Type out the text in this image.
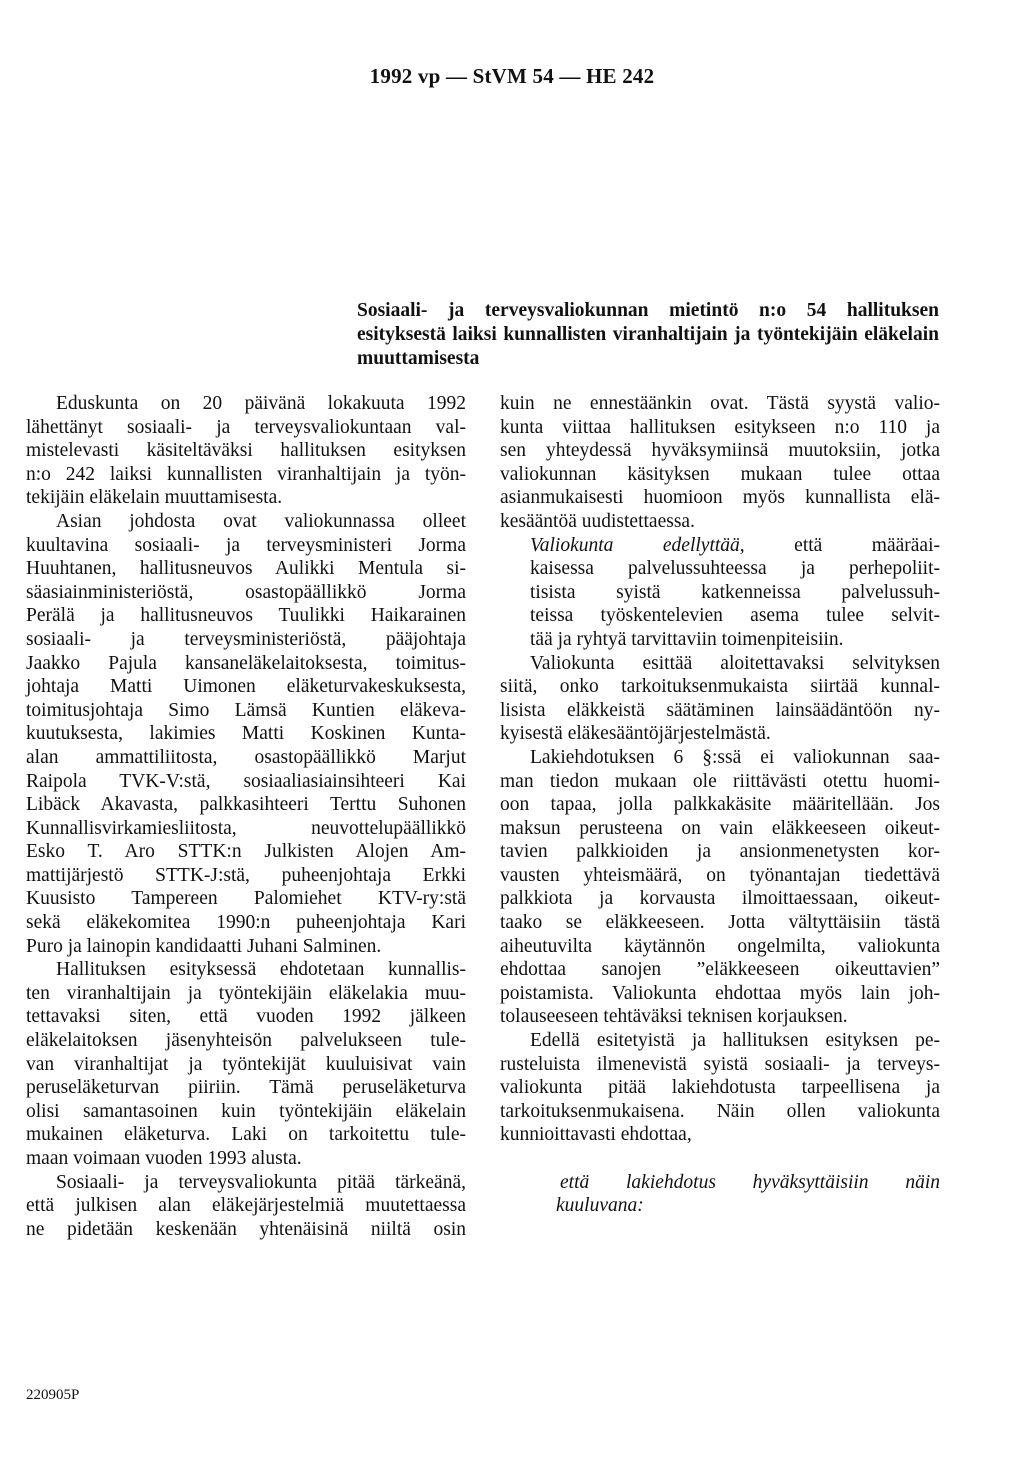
1992 vp — StVM 54 — HE 242
Sosiaali- ja terveysvaliokunnan mietintö n:o 54 hallituksen
esityksestä laiksi kunnallisten viranhaltijain ja työntekijäin eläkelain
muuttamisesta
Eduskunta on 20 päivänä lokakuuta 1992
lähettänyt sosiaali- ja terveysvaliokuntaan val-
mistelevasti käsiteltäväksi hallituksen esityksen
n:o 242 laiksi kunnallisten viranhaltijain ja työn-
tekijäin eläkelain muuttamisesta.
Asian johdosta ovat valiokunnassa olleet
kuultavina sosiaali- ja terveysministeri Jorma
Huuhtanen, hallitusneuvos Aulikki Mentula si-
säasiainministeriöstä, osastopäällikkö Jorma
Perälä ja hallitusneuvos Tuulikki Haikarainen
sosiaali- ja terveysministeriöstä, pääjohtaja
Jaakko Pajula kansaneläkelaitoksesta, toimitus-
johtaja Matti Uimonen eläketurvakeskuksesta,
toimitusjohtaja Simo Lämsä Kuntien eläkeva-
kuutuksesta, lakimies Matti Koskinen Kunta-
alan ammattiliitosta, osastopäällikkö Marjut
Raipola TVK-V:stä, sosiaaliasiainsihteeri Kai
Libäck Akavasta, palkkasihteeri Terttu Suhonen
Kunnallisvirkamiesliitosta, neuvottelupäällikkö
Esko T. Aro STTK:n Julkisten Alojen Am-
mattijärjestö STTK-J:stä, puheenjohtaja Erkki
Kuusisto Tampereen Palomiehet KTV-ry:stä
sekä eläkekomitea 1990:n puheenjohtaja Kari
Puro ja lainopin kandidaatti Juhani Salminen.
Hallituksen esityksessä ehdotetaan kunnallis-
ten viranhaltijain ja työntekijäin eläkelakia muu-
tettavaksi siten, että vuoden 1992 jälkeen
eläkelaitoksen jäsenyhteisön palvelukseen tule-
van viranhaltijat ja työntekijät kuuluisivat vain
peruseläketurvan piiriin. Tämä peruseläketurva
olisi samantasoinen kuin työntekijäin eläkelain
mukainen eläketurva. Laki on tarkoitettu tule-
maan voimaan vuoden 1993 alusta.
Sosiaali- ja terveysvaliokunta pitää tärkeänä,
että julkisen alan eläkejärjestelmiä muutettaessa
ne pidetään keskenään yhtenäisinä niiltä osin
kuin ne ennestäänkin ovat. Tästä syystä valio-
kunta viittaa hallituksen esitykseen n:o 110 ja
sen yhteydessä hyväksymiinsä muutoksiin, jotka
valiokunnan käsityksen mukaan tulee ottaa
asianmukaisesti huomioon myös kunnallista elä-
kesääntöä uudistettaessa.
Valiokunta edellyttää, että määräai-
kaisessa palvelussuhteessa ja perhepoliit-
tisista syistä katkenneissa palvelussuh-
teissa työskentelevien asema tulee selvit-
tää ja ryhtyä tarvittaviin toimenpiteisiin.
Valiokunta esittää aloitettavaksi selvityksen
siitä, onko tarkoituksenmukaista siirtää kunnal-
lisista eläkkeistä säätäminen lainsäädäntöön ny-
kyisestä eläkesääntöjärjestelmästä.
Lakiehdotuksen 6 §:ssä ei valiokunnan saa-
man tiedon mukaan ole riittävästi otettu huomi-
oon tapaa, jolla palkkakäsite määritellään. Jos
maksun perusteena on vain eläkkeeseen oikeut-
tavien palkkioiden ja ansionmenetysten kor-
vausten yhteismäärä, on työnantajan tiedettävä
palkkiota ja korvausta ilmoittaessaan, oikeut-
taako se eläkkeeseen. Jotta vältyttäisiin tästä
aiheutuvilta käytännön ongelmilta, valiokunta
ehdottaa sanojen ”eläkkeeseen oikeuttavien”
poistamista. Valiokunta ehdottaa myös lain joh-
tolauseeseen tehtäväksi teknisen korjauksen.
Edellä esitetyistä ja hallituksen esityksen pe-
rusteluista ilmenevistä syistä sosiaali- ja terveys-
valiokunta pitää lakiehdotusta tarpeellisena ja
tarkoituksenmukaisena. Näin ollen valiokunta
kunnioittavasti ehdottaa,
että lakiehdotus hyväksyttäisiin näin
kuuluvana:
220905P
